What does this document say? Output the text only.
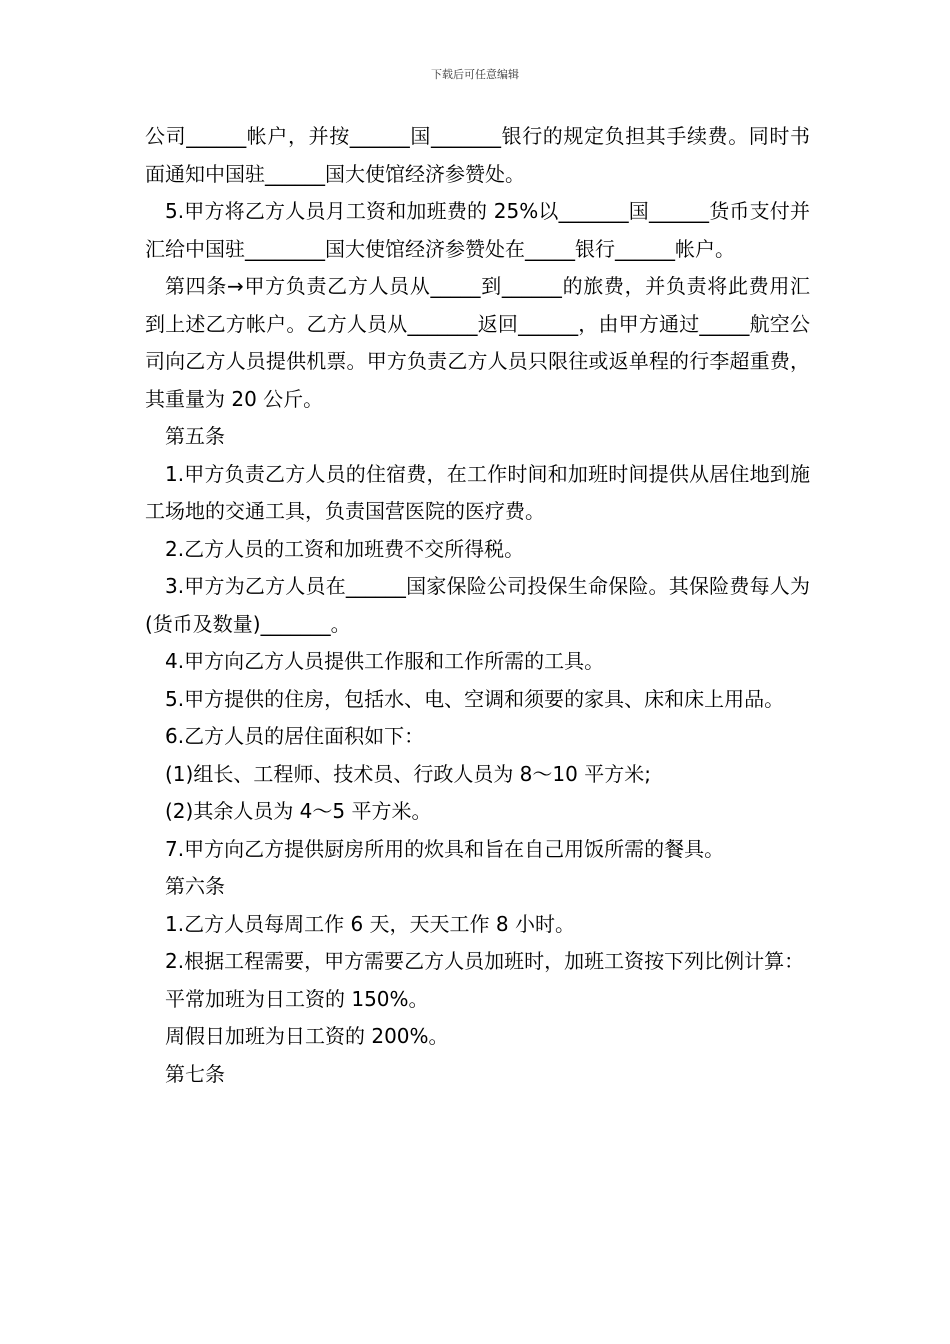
下载后可任意编辑

公司______帐户，并按______国_______银行的规定负担其手续费。同时书面通知中国驻______国大使馆经济参赞处。

5.甲方将乙方人员月工资和加班费的 25%以_______国______货币支付并汇给中国驻________国大使馆经济参赞处在_____银行______帐户。

第四条→甲方负责乙方人员从_____到______的旅费，并负责将此费用汇到上述乙方帐户。乙方人员从_______返回______，由甲方通过_____航空公司向乙方人员提供机票。甲方负责乙方人员只限往或返单程的行李超重费，其重量为 20 公斤。

第五条

1.甲方负责乙方人员的住宿费，在工作时间和加班时间提供从居住地到施工场地的交通工具，负责国营医院的医疗费。

2.乙方人员的工资和加班费不交所得税。

3.甲方为乙方人员在______国家保险公司投保生命保险。其保险费每人为(货币及数量)_______。

4.甲方向乙方人员提供工作服和工作所需的工具。

5.甲方提供的住房，包括水、电、空调和须要的家具、床和床上用品。

6.乙方人员的居住面积如下：

(1)组长、工程师、技术员、行政人员为 8～10 平方米;

(2)其余人员为 4～5 平方米。

7.甲方向乙方提供厨房所用的炊具和旨在自己用饭所需的餐具。

第六条

1.乙方人员每周工作 6 天，天天工作 8 小时。

2.根据工程需要，甲方需要乙方人员加班时，加班工资按下列比例计算：

平常加班为日工资的 150%。

周假日加班为日工资的 200%。

第七条
